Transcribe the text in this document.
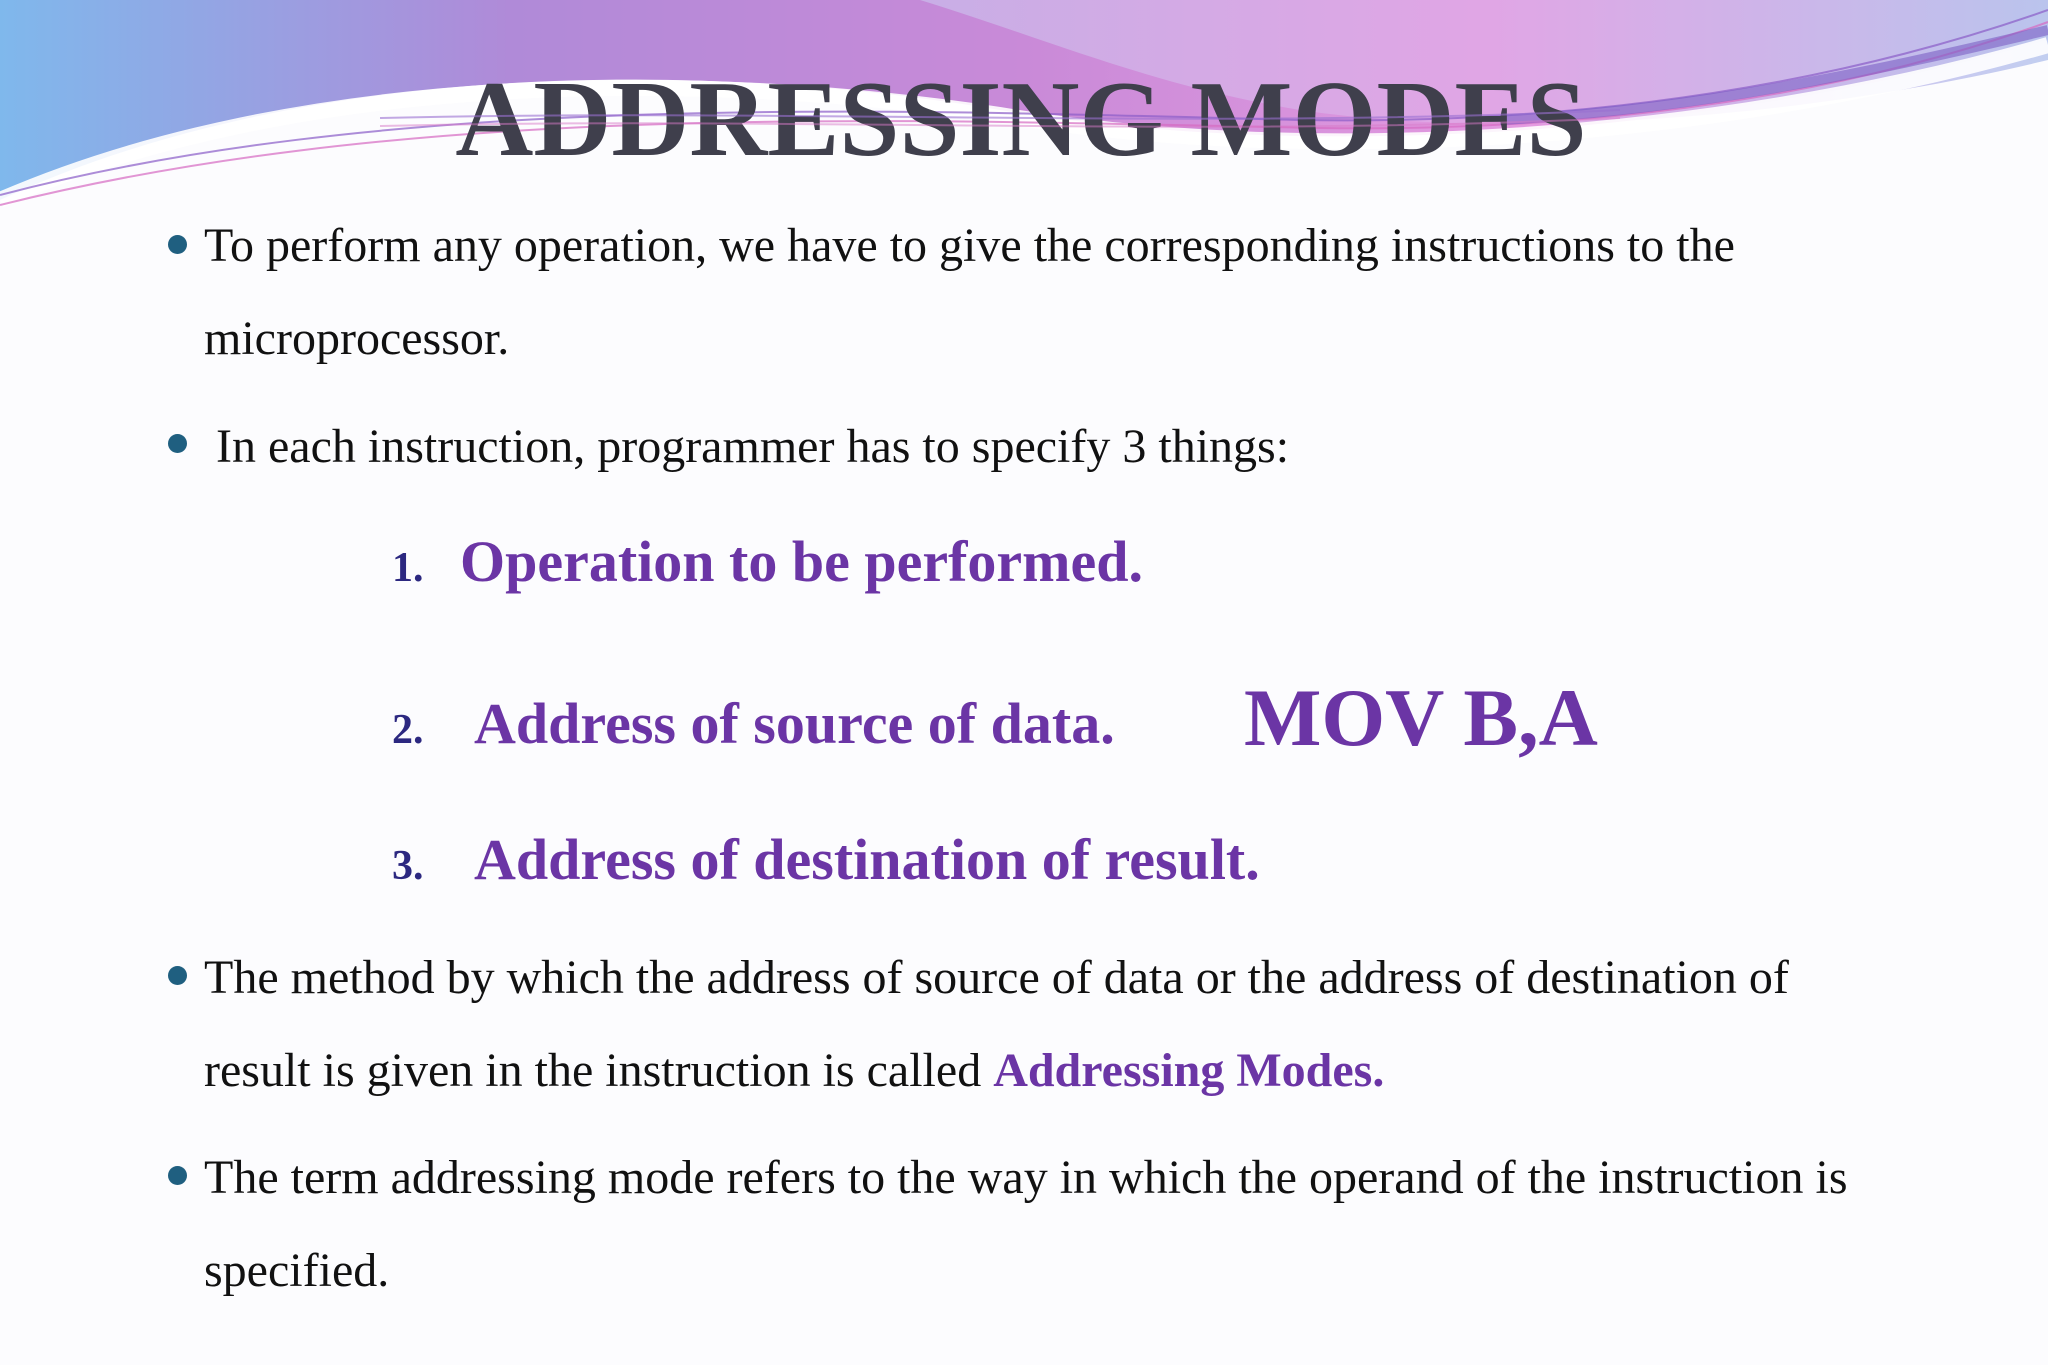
ADDRESSING MODES
To perform any operation, we have to give the corresponding instructions to the microprocessor.
In each instruction, programmer has to specify 3 things:
1. Operation to be performed.
2. Address of source of data. MOV B,A
3. Address of destination of result.
The method by which the address of source of data or the address of destination of result is given in the instruction is called Addressing Modes.
The term addressing mode refers to the way in which the operand of the instruction is specified.
